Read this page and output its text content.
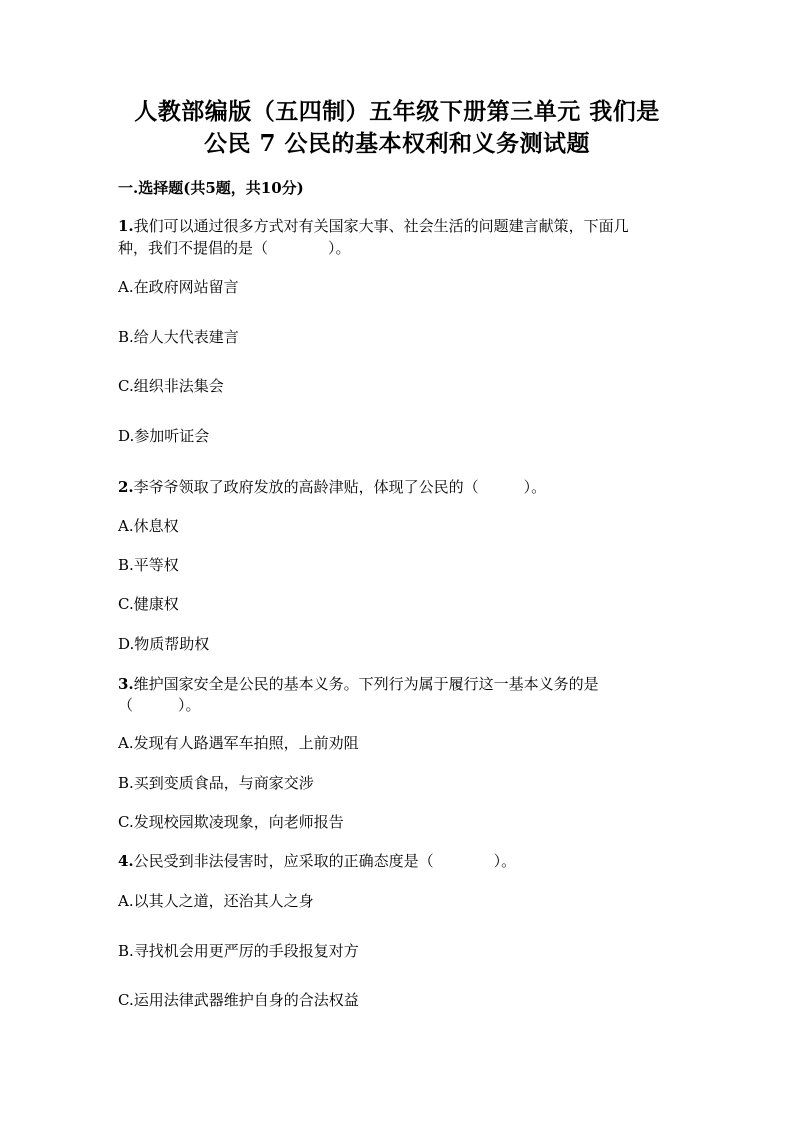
人教部编版（五四制）五年级下册第三单元 我们是
公民 7 公民的基本权利和义务测试题
一.选择题(共5题，共10分)
1.我们可以通过很多方式对有关国家大事、社会生活的问题建言献策，下面几
种，我们不提倡的是（　　　　）。
A.在政府网站留言
B.给人大代表建言
C.组织非法集会
D.参加听证会
2.李爷爷领取了政府发放的高龄津贴，体现了公民的（　　　）。
A.休息权
B.平等权
C.健康权
D.物质帮助权
3.维护国家安全是公民的基本义务。下列行为属于履行这一基本义务的是
（　　　）。
A.发现有人路遇军车拍照，上前劝阻
B.买到变质食品，与商家交涉
C.发现校园欺凌现象，向老师报告
4.公民受到非法侵害时，应采取的正确态度是（　　　　）。
A.以其人之道，还治其人之身
B.寻找机会用更严厉的手段报复对方
C.运用法律武器维护自身的合法权益
